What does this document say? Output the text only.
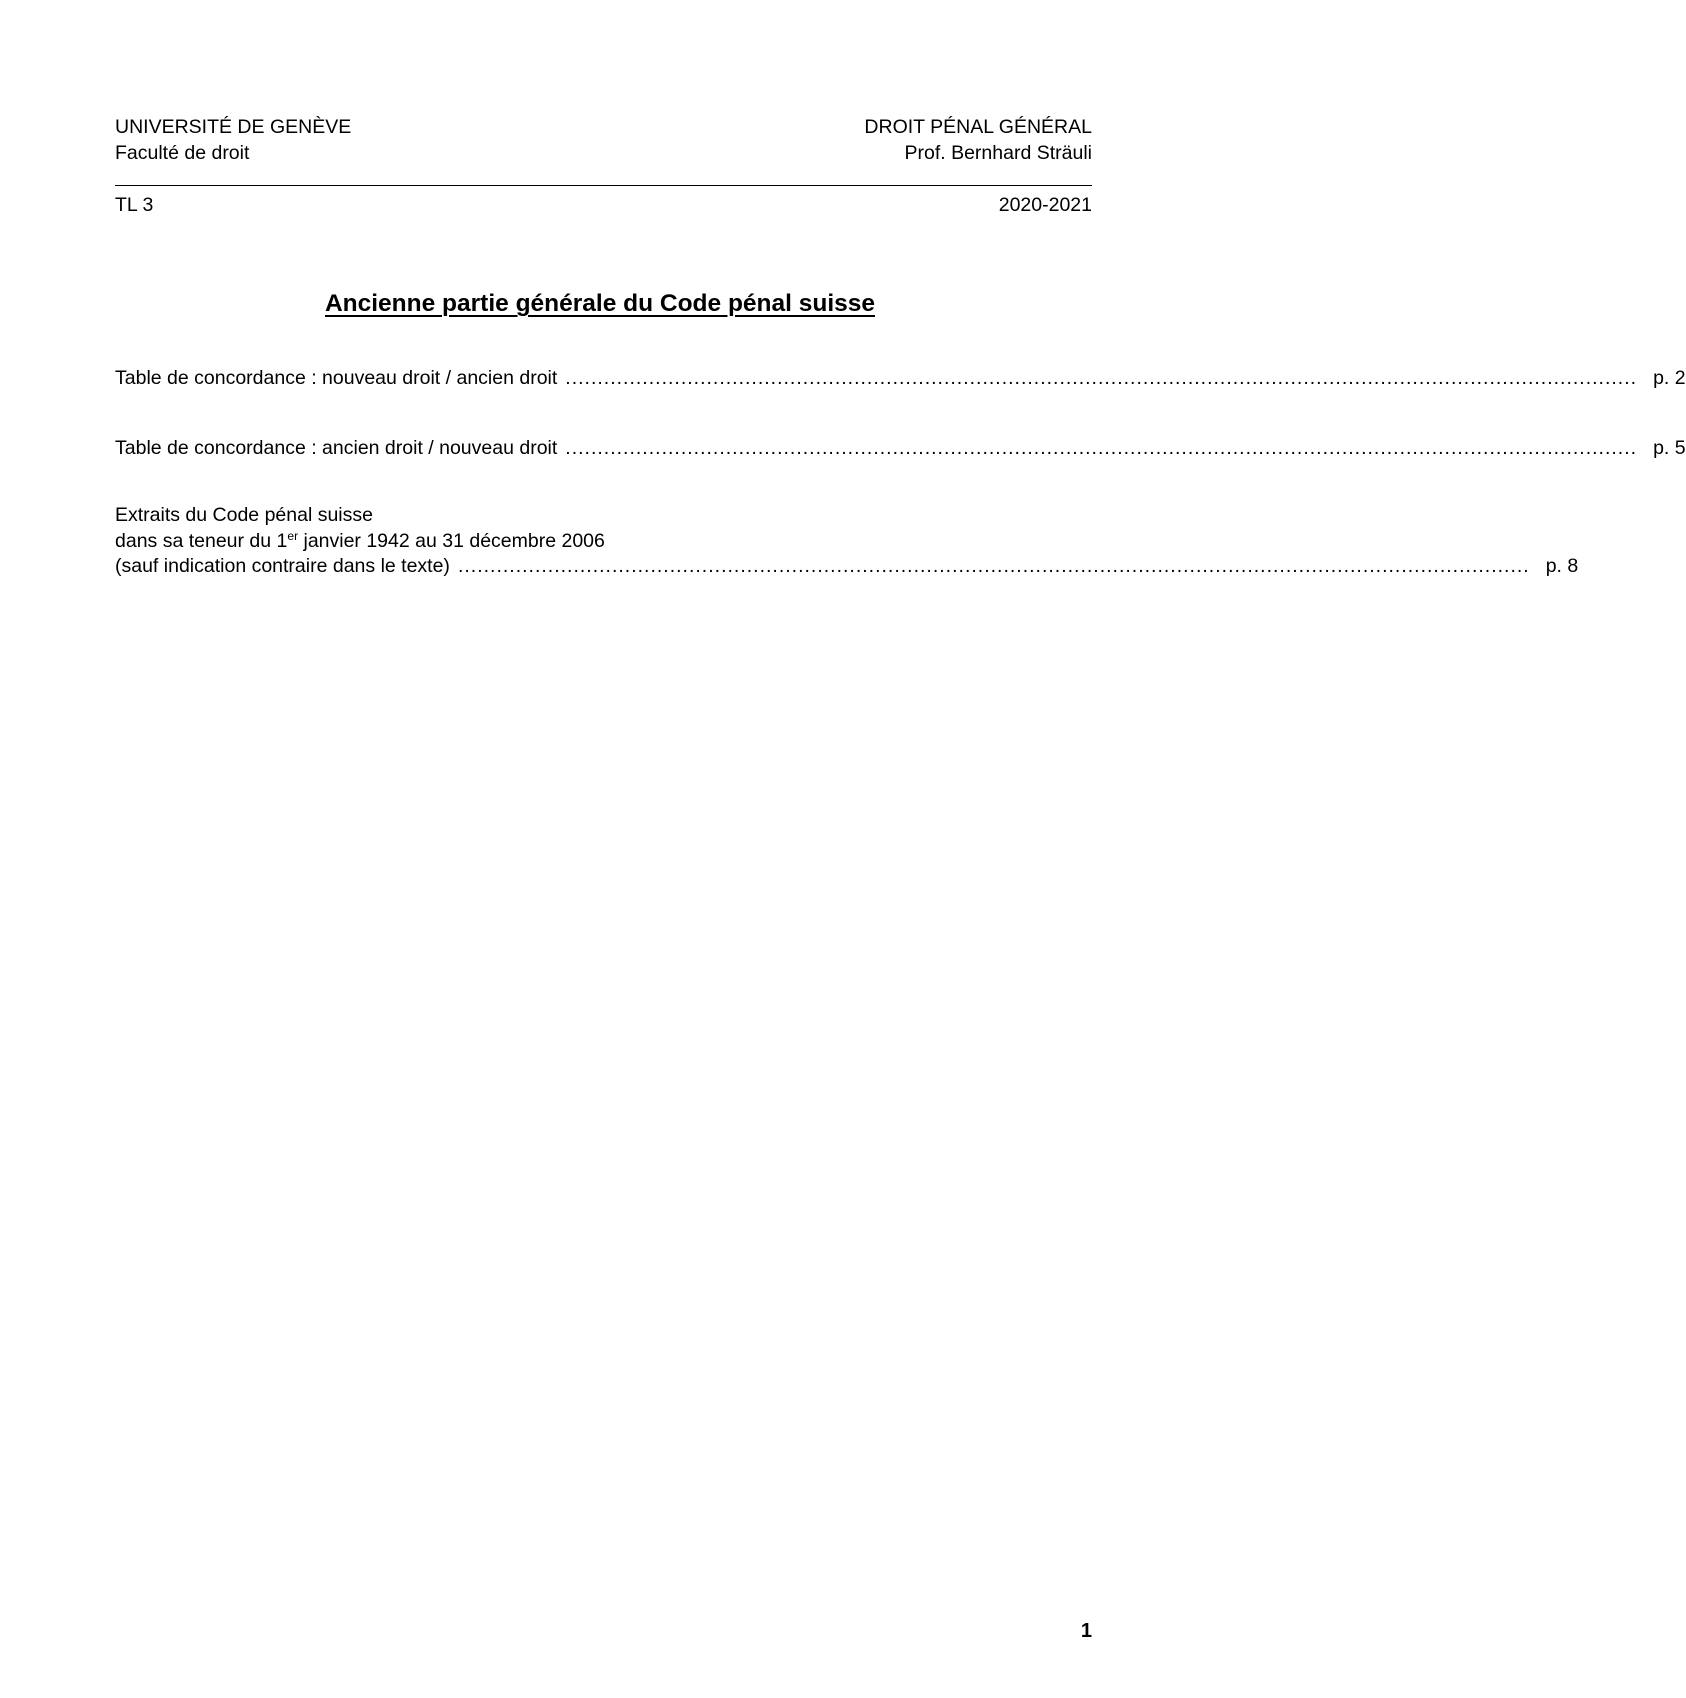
UNIVERSITÉ DE GENÈVE
Faculté de droit
DROIT PÉNAL GÉNÉRAL
Prof. Bernhard Sträuli
TL 3	2020-2021
Ancienne partie générale du Code pénal suisse
Table de concordance : nouveau droit / ancien droit ....................................................................................................................................................................... p. 2
Table de concordance : ancien droit / nouveau droit ....................................................................................................................................................................... p. 5
Extraits du Code pénal suisse
dans sa teneur du 1er janvier 1942 au 31 décembre 2006
(sauf indication contraire dans le texte) ....................................................................................................................................................................... p. 8
1
